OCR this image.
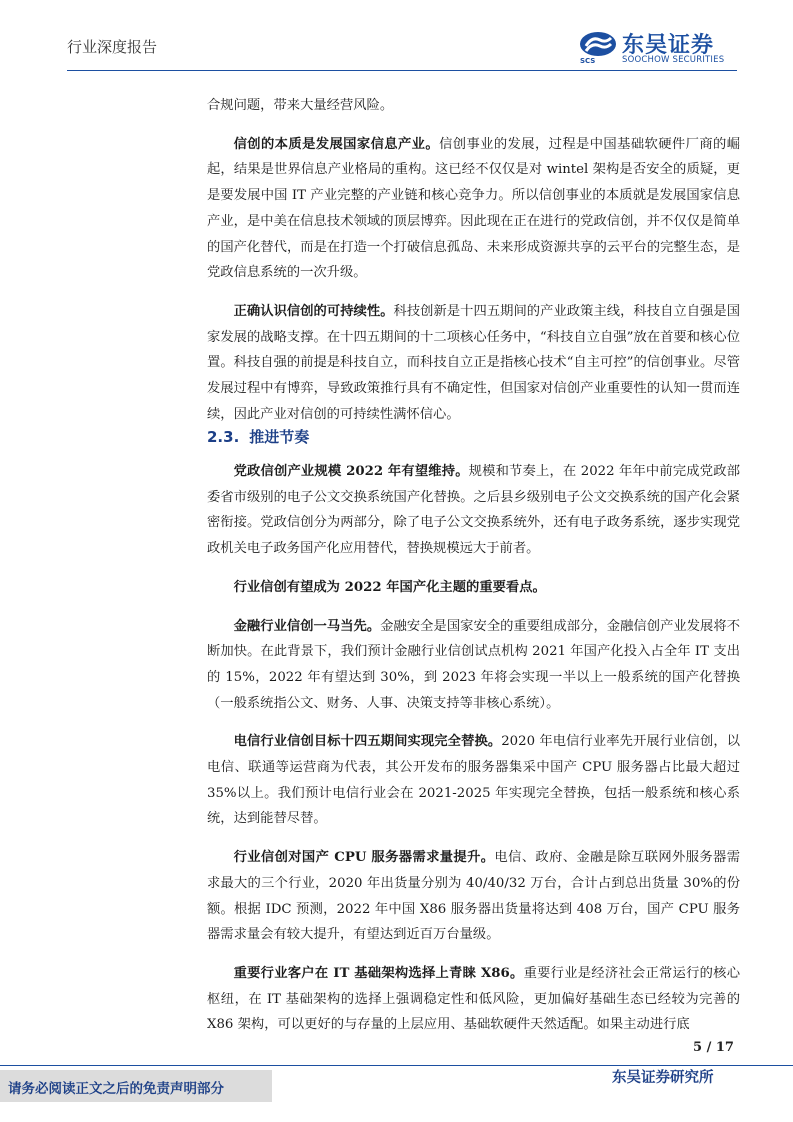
行业深度报告
SCS
东吴证券
SOOCHOW SECURITIES

合规问题，带来大量经营风险。

信创的本质是发展国家信息产业。信创事业的发展，过程是中国基础软硬件厂商的崛起，结果是世界信息产业格局的重构。这已经不仅仅是对 wintel 架构是否安全的质疑，更是要发展中国 IT 产业完整的产业链和核心竞争力。所以信创事业的本质就是发展国家信息产业，是中美在信息技术领域的顶层博弈。因此现在正在进行的党政信创，并不仅仅是简单的国产化替代，而是在打造一个打破信息孤岛、未来形成资源共享的云平台的完整生态，是党政信息系统的一次升级。

正确认识信创的可持续性。科技创新是十四五期间的产业政策主线，科技自立自强是国家发展的战略支撑。在十四五期间的十二项核心任务中，“科技自立自强”放在首要和核心位置。科技自强的前提是科技自立，而科技自立正是指核心技术“自主可控”的信创事业。尽管发展过程中有博弈，导致政策推行具有不确定性，但国家对信创产业重要性的认知一贯而连续，因此产业对信创的可持续性满怀信心。

2.3. 推进节奏

党政信创产业规模 2022 年有望维持。规模和节奏上，在 2022 年年中前完成党政部委省市级别的电子公文交换系统国产化替换。之后县乡级别电子公文交换系统的国产化会紧密衔接。党政信创分为两部分，除了电子公文交换系统外，还有电子政务系统，逐步实现党政机关电子政务国产化应用替代，替换规模远大于前者。

行业信创有望成为 2022 年国产化主题的重要看点。

金融行业信创一马当先。金融安全是国家安全的重要组成部分，金融信创产业发展将不断加快。在此背景下，我们预计金融行业信创试点机构 2021 年国产化投入占全年 IT 支出的 15%，2022 年有望达到 30%，到 2023 年将会实现一半以上一般系统的国产化替换（一般系统指公文、财务、人事、决策支持等非核心系统）。

电信行业信创目标十四五期间实现完全替换。2020 年电信行业率先开展行业信创，以电信、联通等运营商为代表，其公开发布的服务器集采中国产 CPU 服务器占比最大超过 35%以上。我们预计电信行业会在 2021-2025 年实现完全替换，包括一般系统和核心系统，达到能替尽替。

行业信创对国产 CPU 服务器需求量提升。电信、政府、金融是除互联网外服务器需求最大的三个行业，2020 年出货量分别为 40/40/32 万台，合计占到总出货量 30%的份额。根据 IDC 预测，2022 年中国 X86 服务器出货量将达到 408 万台，国产 CPU 服务器需求量会有较大提升，有望达到近百万台量级。

重要行业客户在 IT 基础架构选择上青睐 X86。重要行业是经济社会正常运行的核心枢纽，在 IT 基础架构的选择上强调稳定性和低风险，更加偏好基础生态已经较为完善的 X86 架构，可以更好的与存量的上层应用、基础软硬件天然适配。如果主动进行底

5 / 17
请务必阅读正文之后的免责声明部分
东吴证券研究所
